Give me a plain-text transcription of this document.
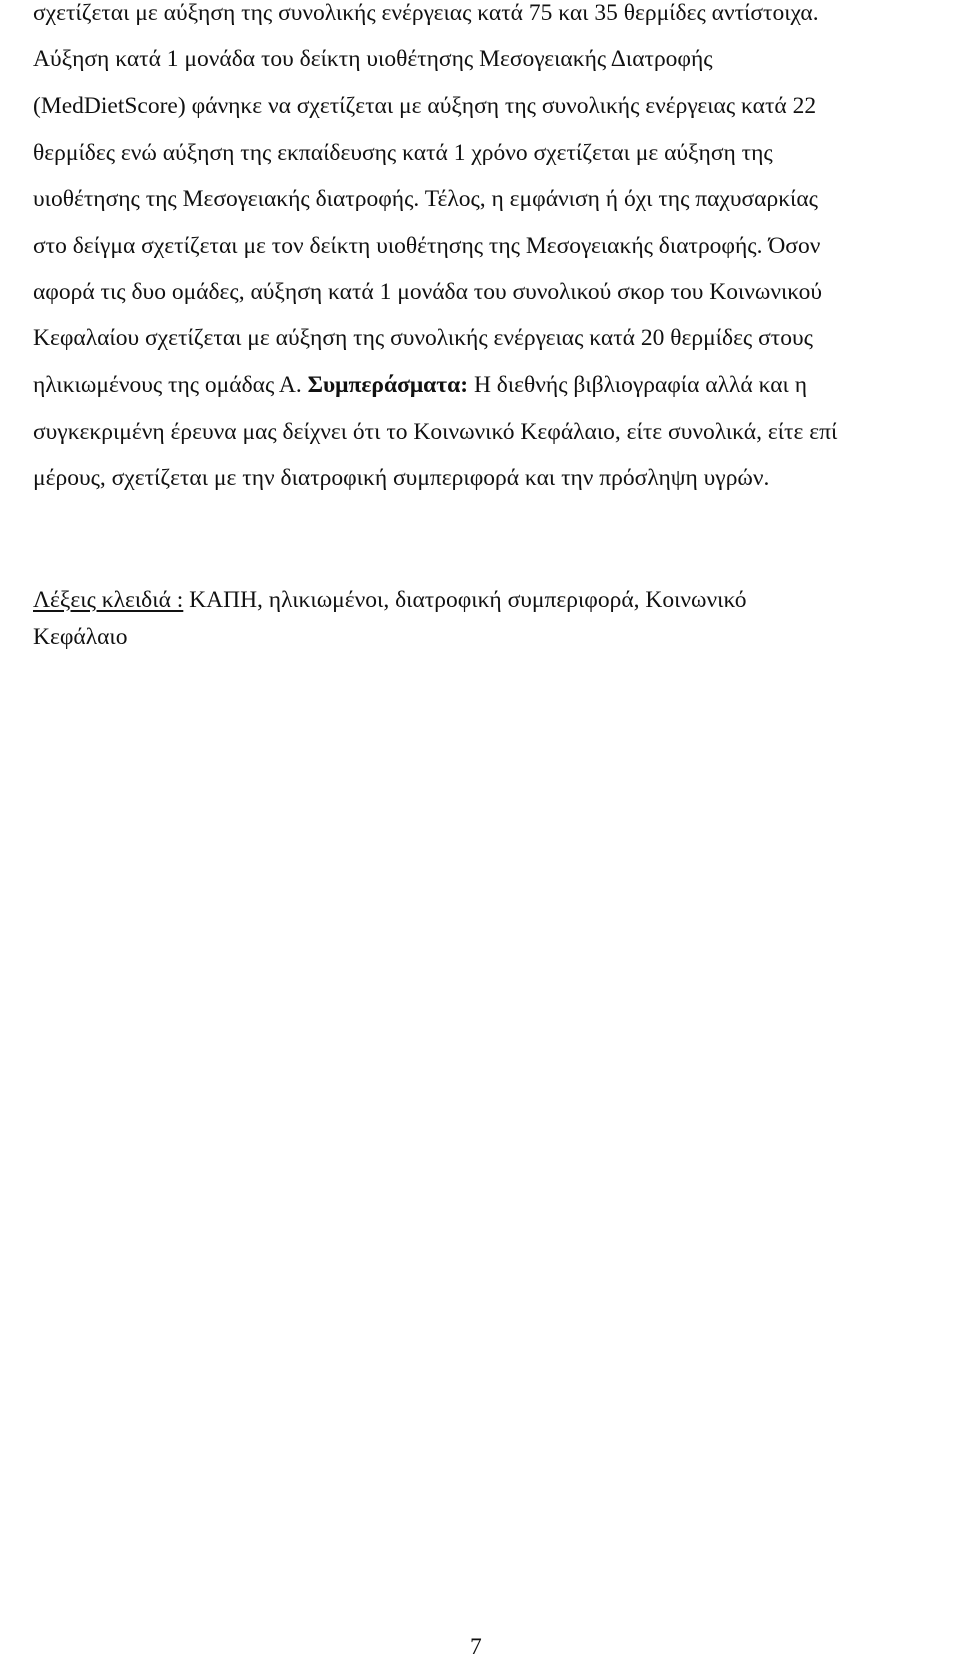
σχετίζεται με αύξηση της συνολικής ενέργειας κατά 75 και 35 θερμίδες αντίστοιχα.
Αύξηση κατά 1 μονάδα του δείκτη υιοθέτησης Μεσογειακής Διατροφής
(MedDietScore) φάνηκε να σχετίζεται με αύξηση της συνολικής ενέργειας κατά 22
θερμίδες ενώ αύξηση της εκπαίδευσης κατά 1 χρόνο σχετίζεται με αύξηση της
υιοθέτησης της Μεσογειακής διατροφής. Τέλος, η εμφάνιση ή όχι της παχυσαρκίας
στο δείγμα σχετίζεται με τον δείκτη υιοθέτησης της Μεσογειακής διατροφής. Όσον
αφορά τις δυο ομάδες, αύξηση κατά 1 μονάδα του συνολικού σκορ του Κοινωνικού
Κεφαλαίου σχετίζεται με αύξηση της συνολικής ενέργειας κατά 20 θερμίδες στους
ηλικιωμένους της ομάδας Α. Συμπεράσματα: Η διεθνής βιβλιογραφία αλλά και η
συγκεκριμένη έρευνα μας δείχνει ότι το Κοινωνικό Κεφάλαιο, είτε συνολικά, είτε επί
μέρους, σχετίζεται με την διατροφική συμπεριφορά και την πρόσληψη υγρών.
Λέξεις κλειδιά : ΚΑΠΗ, ηλικιωμένοι, διατροφική συμπεριφορά, Κοινωνικό
Κεφάλαιο
7
